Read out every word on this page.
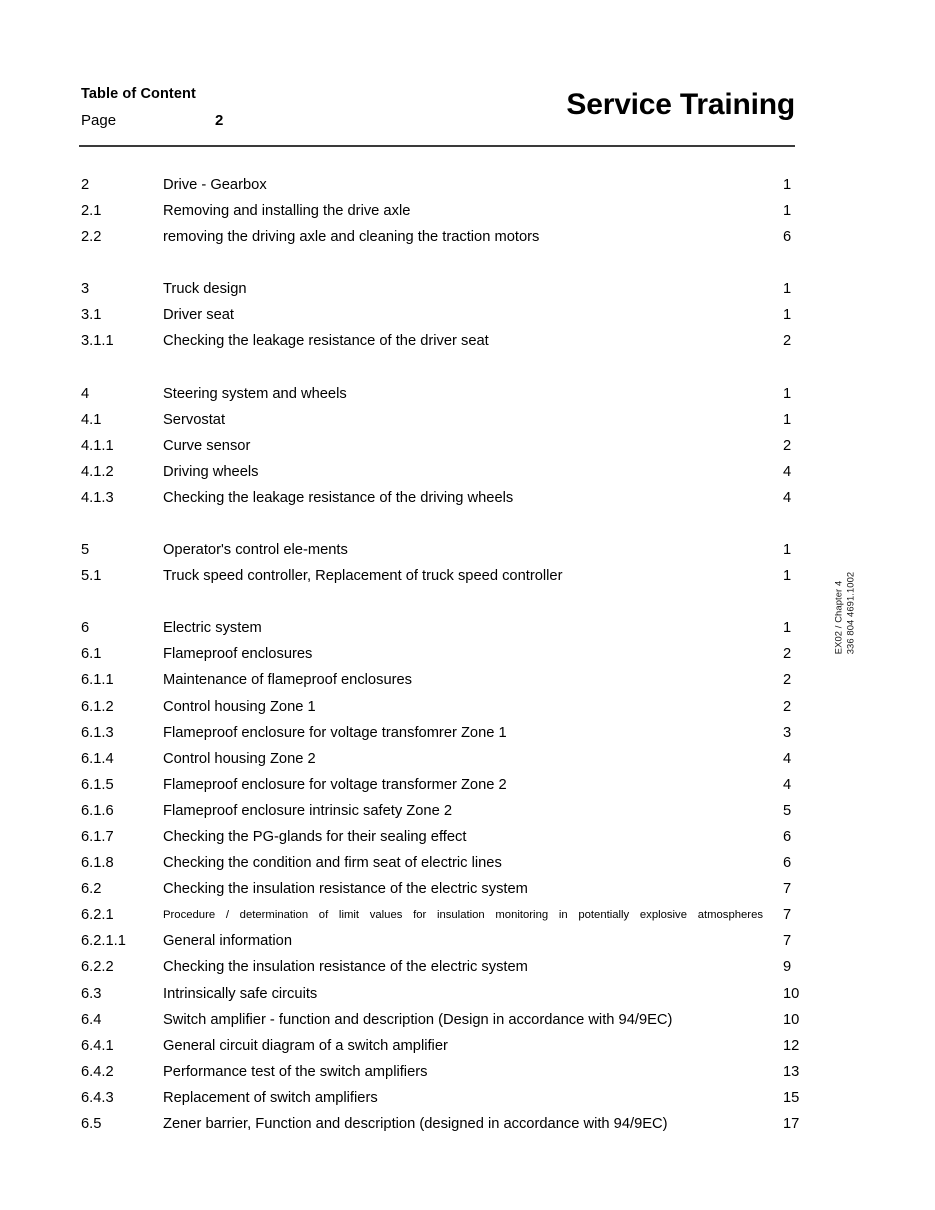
Table of Content
Page	2	Service Training
2	Drive - Gearbox	1
2.1	Removing and installing the drive axle	1
2.2	removing the driving axle and cleaning the traction motors	6
3	Truck design	1
3.1	Driver seat	1
3.1.1	Checking the leakage resistance of the driver seat	2
4	Steering system and wheels	1
4.1	Servostat	1
4.1.1	Curve sensor	2
4.1.2	Driving wheels	4
4.1.3	Checking the leakage resistance of the driving wheels	4
5	Operator's control ele-ments	1
5.1	Truck speed controller, Replacement of truck speed controller	1
6	Electric system	1
6.1	Flameproof enclosures	2
6.1.1	Maintenance of flameproof enclosures	2
6.1.2	Control housing Zone 1	2
6.1.3	Flameproof enclosure for voltage transfomrer Zone 1	3
6.1.4	Control housing Zone 2	4
6.1.5	Flameproof enclosure for voltage transformer Zone 2	4
6.1.6	Flameproof enclosure intrinsic safety Zone 2	5
6.1.7	Checking the PG-glands for their sealing effect	6
6.1.8	Checking the condition and firm seat of electric lines	6
6.2	Checking the insulation resistance of the electric system	7
6.2.1	Procedure / determination of limit values for insulation monitoring in potentially explosive atmospheres 7
6.2.1.1	General information	7
6.2.2	Checking the insulation resistance of the electric system	9
6.3	Intrinsically safe circuits	10
6.4	Switch amplifier - function and description (Design in accordance with 94/9EC)	10
6.4.1	General circuit diagram of a switch amplifier	12
6.4.2	Performance test of the switch amplifiers	13
6.4.3	Replacement of switch amplifiers	15
6.5	Zener barrier, Function and description (designed in accordance with 94/9EC)	17
EX02 / Chapter 4 336 804 4691.1002
